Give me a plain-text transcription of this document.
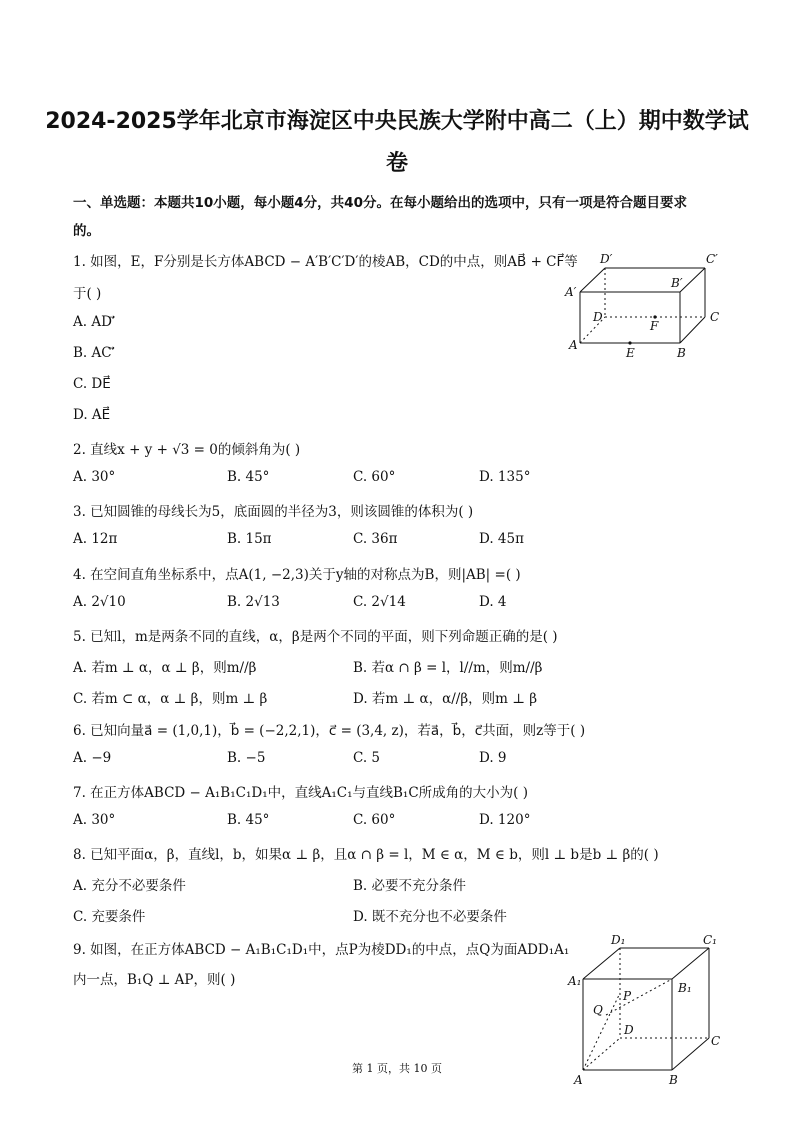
2024-2025学年北京市海淀区中央民族大学附中高二（上）期中数学试
卷
一、单选题：本题共10小题，每小题4分，共40分。在每小题给出的选项中，只有一项是符合题目要求
的。
1. 如图，E，F分别是长方体ABCD − A′B′C′D′的棱AB，CD的中点，则AB⃗ + CF⃗等
于( )
A. AD′⃗
B. AC′⃗
C. DE⃗
D. AE⃗
D′	C′
A′
B′
D
F
C
A
E	B
2. 直线x + y + √3 = 0的倾斜角为( )
A. 30°	B. 45°	C. 60°	D. 135°
3. 已知圆锥的母线长为5，底面圆的半径为3，则该圆锥的体积为( )
A. 12π	B. 15π	C. 36π	D. 45π
4. 在空间直角坐标系中，点A(1, −2,3)关于y轴的对称点为B，则|AB| =( )
A. 2√10	B. 2√13	C. 2√14	D. 4
5. 已知l，m是两条不同的直线，α，β是两个不同的平面，则下列命题正确的是( )
A. 若m ⊥ α，α ⊥ β，则m//β	B. 若α ∩ β = l，l//m，则m//β
C. 若m ⊂ α，α ⊥ β，则m ⊥ β	D. 若m ⊥ α，α//β，则m ⊥ β
6. 已知向量a⃗ = (1,0,1)，b⃗ = (−2,2,1)，c⃗ = (3,4, z)，若a⃗，b⃗，c⃗共面，则z等于( )
A. −9	B. −5	C. 5	D. 9
7. 在正方体ABCD − A₁B₁C₁D₁中，直线A₁C₁与直线B₁C所成角的大小为( )
A. 30°	B. 45°	C. 60°	D. 120°
8. 已知平面α，β，直线l，b，如果α ⊥ β，且α ∩ β = l，M ∈ α，M ∈ b，则l ⊥ b是b ⊥ β的( )
A. 充分不必要条件	B. 必要不充分条件
C. 充要条件	D. 既不充分也不必要条件
9. 如图，在正方体ABCD − A₁B₁C₁D₁中，点P为棱DD₁的中点，点Q为面ADD₁A₁
内一点，B₁Q ⊥ AP，则( )
D₁	C₁
A₁	B₁
P
Q
D
C
A	B
第 1 页，共 10 页
